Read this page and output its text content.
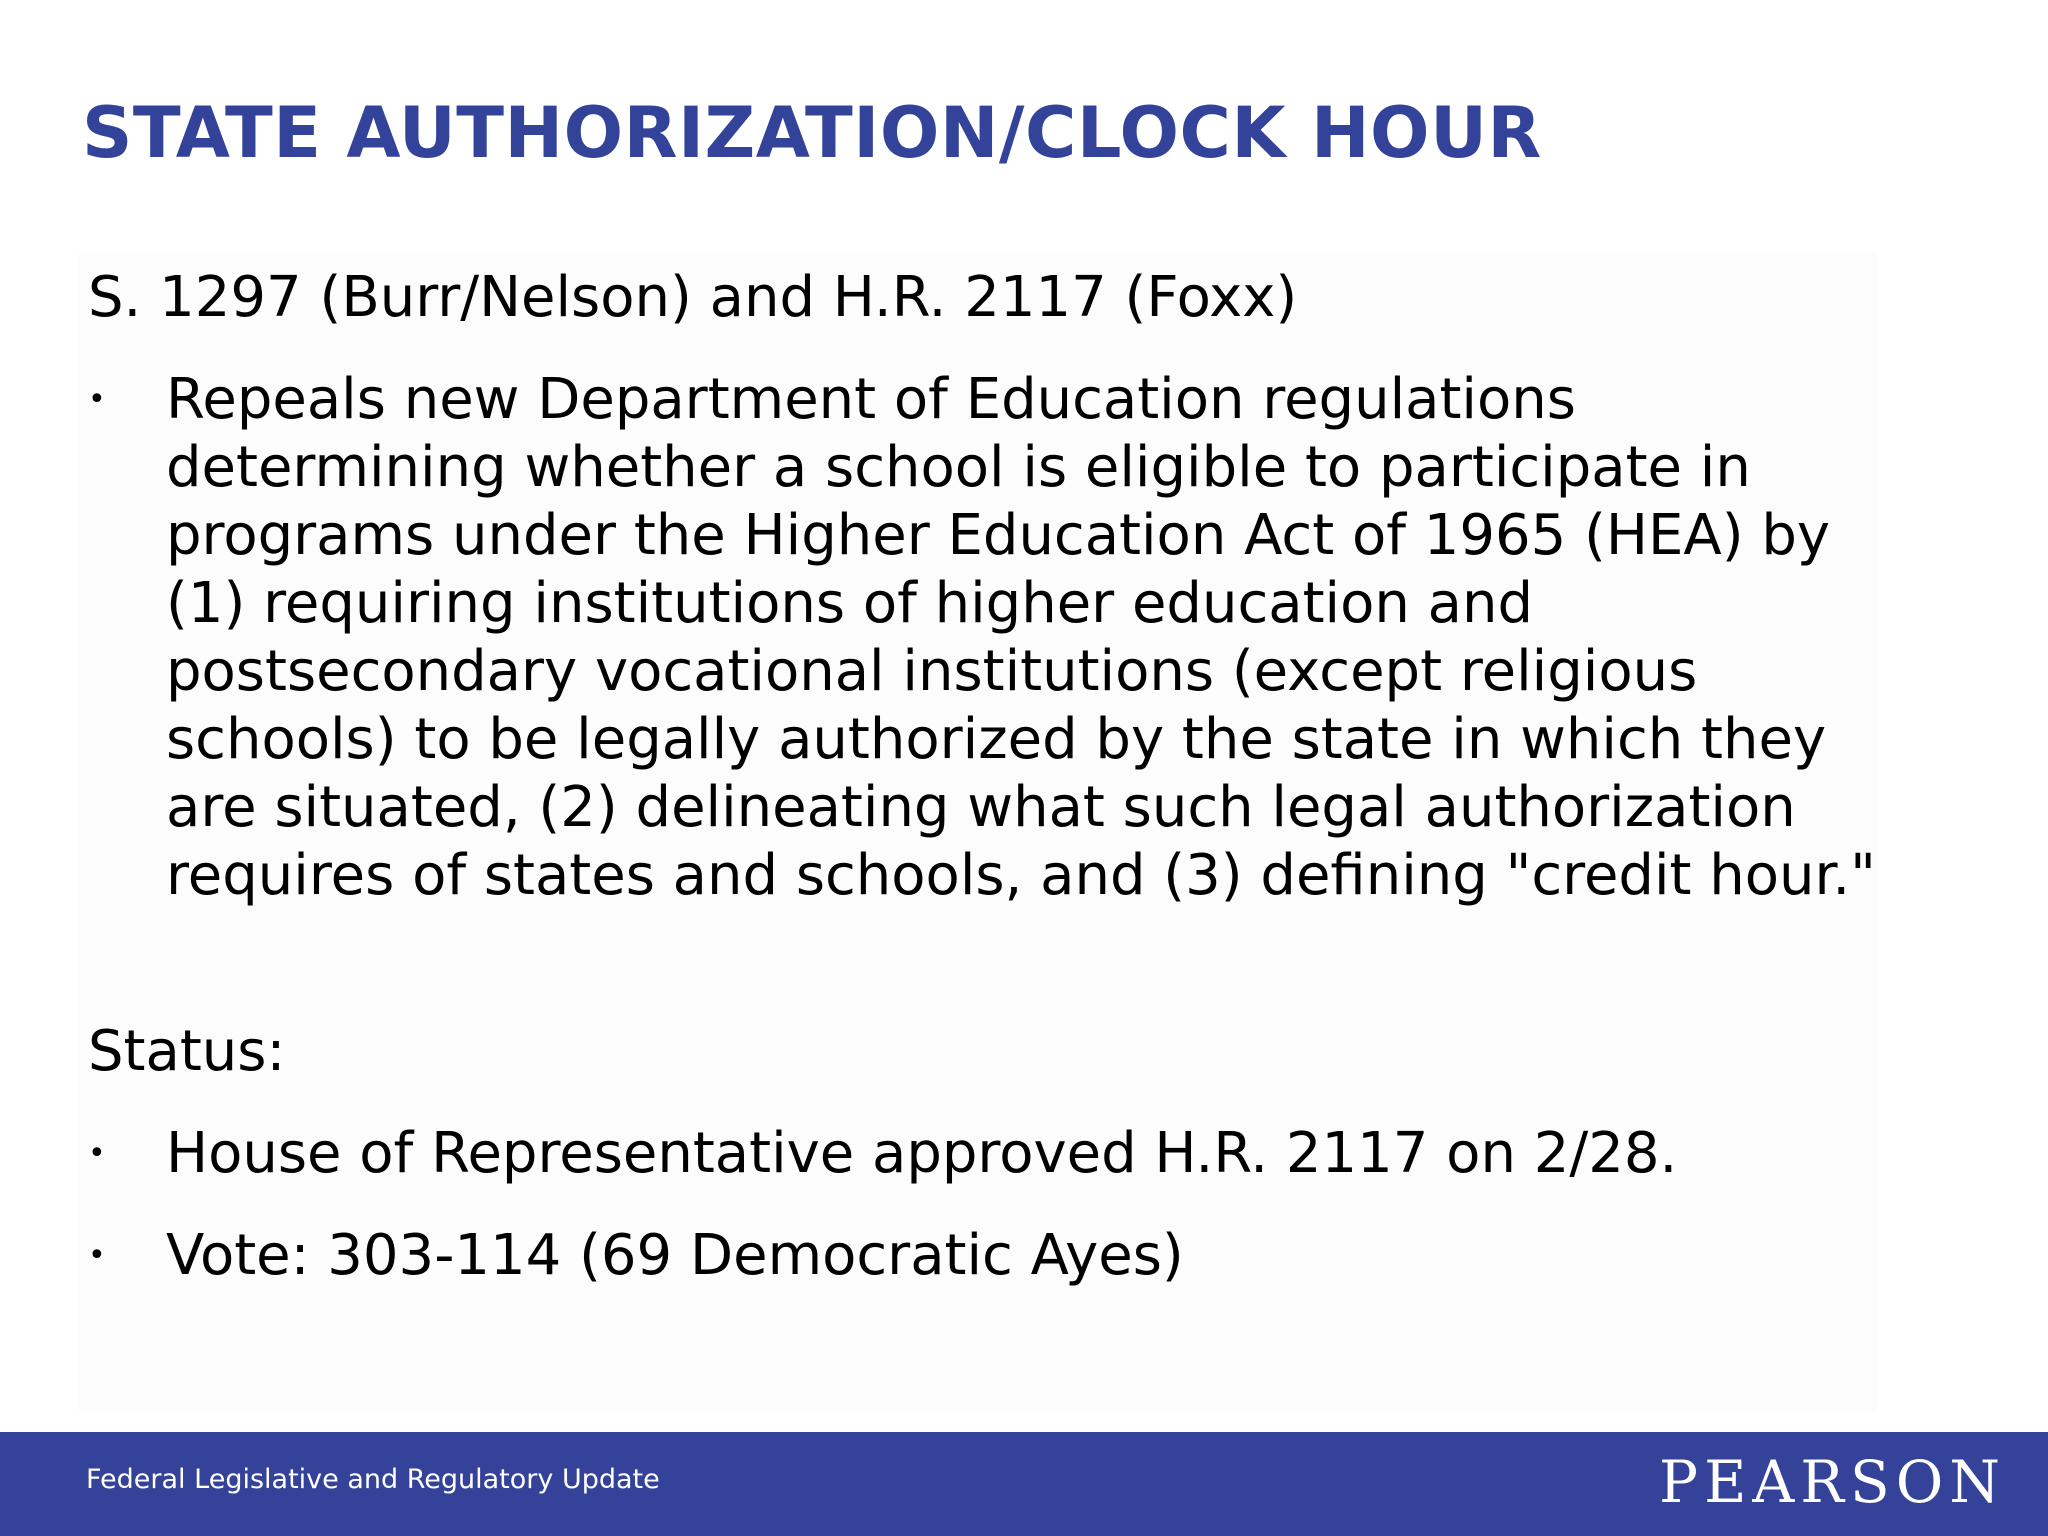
STATE AUTHORIZATION/CLOCK HOUR

S. 1297 (Burr/Nelson) and H.R. 2117 (Foxx)

• Repeals new Department of Education regulations determining whether a school is eligible to participate in programs under the Higher Education Act of 1965 (HEA) by (1) requiring institutions of higher education and postsecondary vocational institutions (except religious schools) to be legally authorized by the state in which they are situated, (2) delineating what such legal authorization requires of states and schools, and (3) defining "credit hour."

Status:

• House of Representative approved H.R. 2117 on 2/28.

• Vote: 303-114 (69 Democratic Ayes)

Federal Legislative and Regulatory Update	PEARSON
